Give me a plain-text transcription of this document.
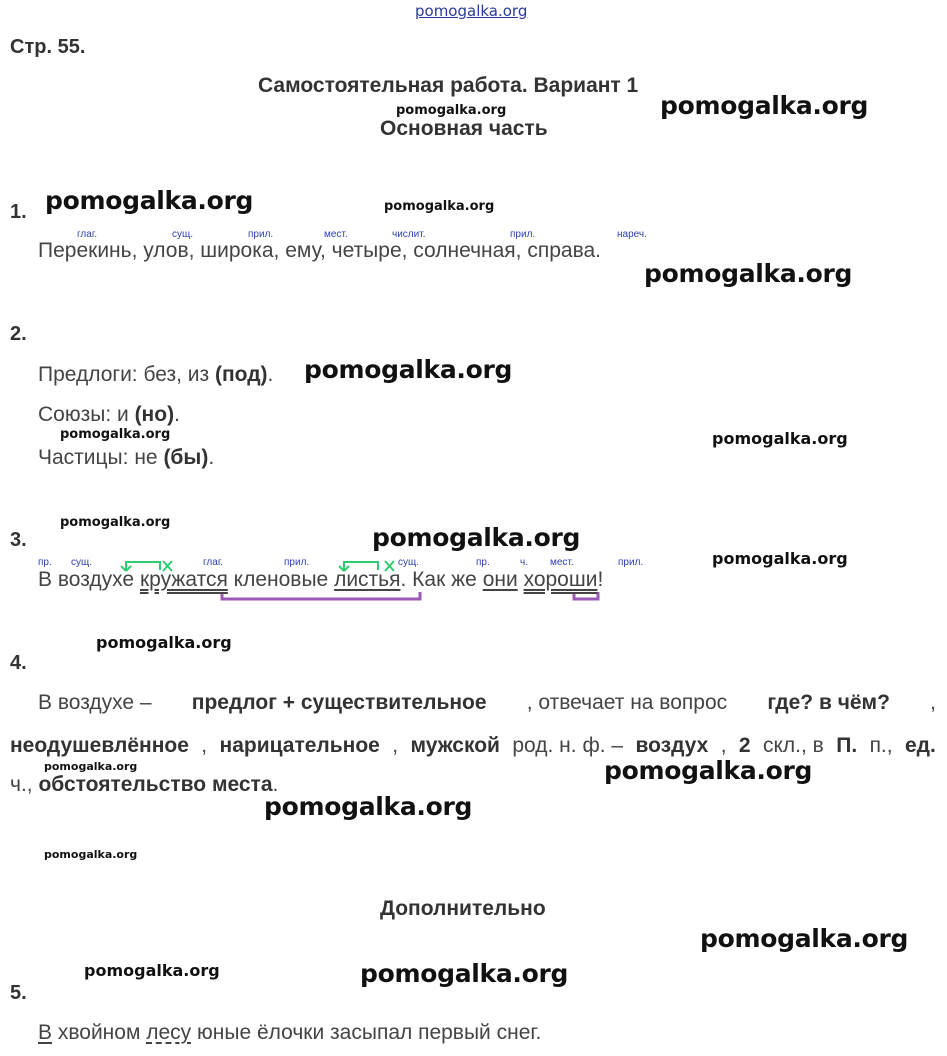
pomogalka.org
Стр. 55.
Самостоятельная работа. Вариант 1
Основная часть
pomogalka.org	pomogalka.org
pomogalka.org	pomogalka.org
pomogalka.org
pomogalka.org
pomogalka.org	pomogalka.org
pomogalka.org
pomogalka.org
pomogalka.org
pomogalka.org
pomogalka.org	pomogalka.org
pomogalka.org
pomogalka.org
pomogalka.org
pomogalka.org	pomogalka.org
1.
глаг.	сущ.	прил.	мест.	числит.	прил.	нареч.
Перекинь, улов, широка, ему, четыре, солнечная, справа.
2.
Предлоги: без, из (под).
Союзы: и (но).
Частицы: не (бы).
3.
пр. сущ.	глаг.	прил.	сущ.	пр.	ч. мест.	прил.
В воздухе кружатся кленовые листья. Как же они хороши!
4.
В воздухе – предлог + существительное , отвечает на вопрос где? в чём? ,
неодушевлённое , нарицательное , мужской род. н. ф. – воздух , 2 скл., в П. п., ед.
ч., обстоятельство места.
Дополнительно
5.
В хвойном лесу юные ёлочки засыпал первый снег.
